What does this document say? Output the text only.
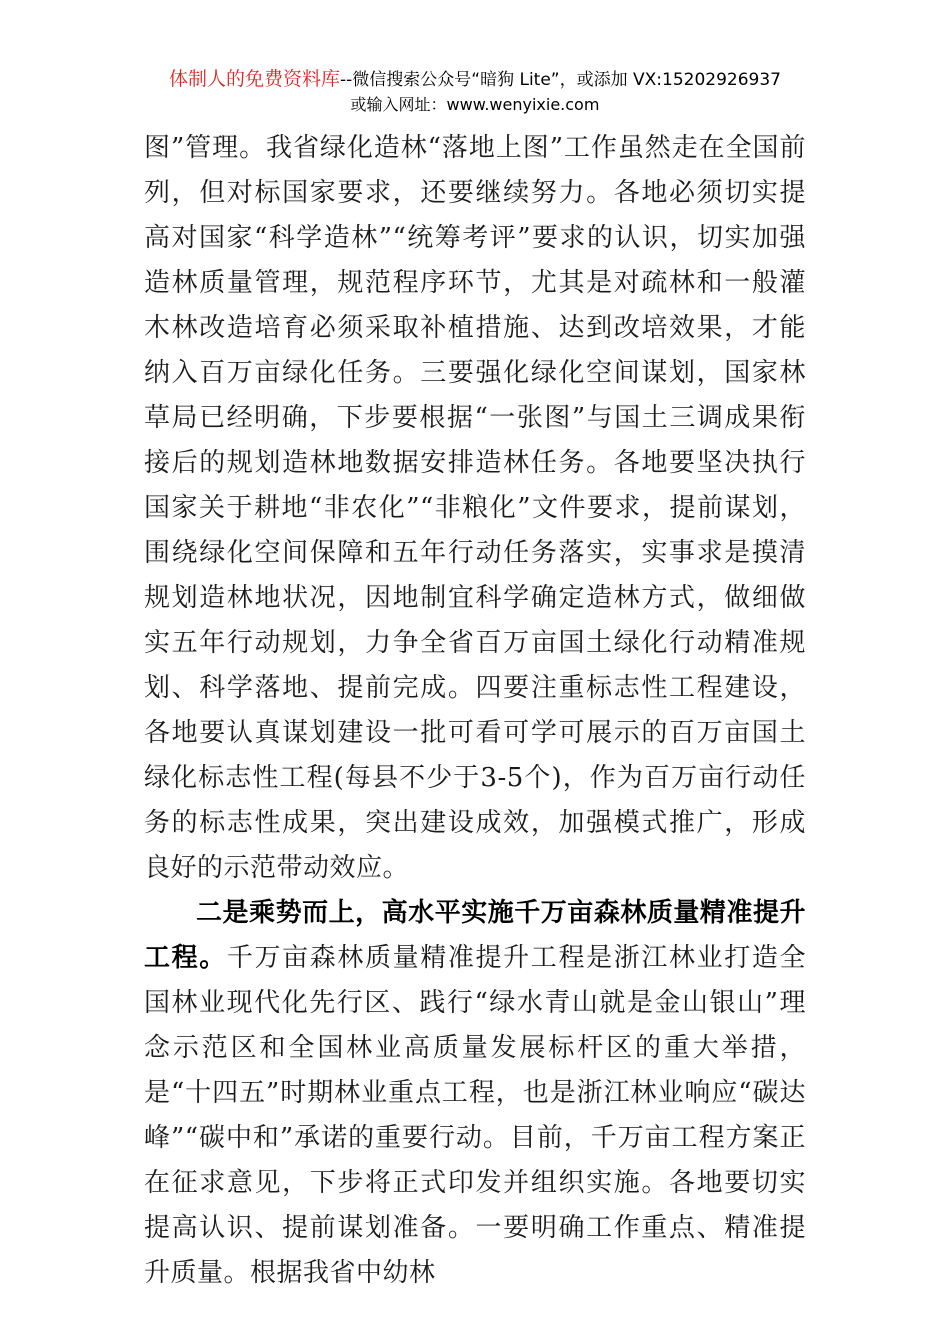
体制人的免费资料库--微信搜索公众号“暗狗 Lite”，或添加 VX:15202926937
或输入网址：www.wenyixie.com

图”管理。我省绿化造林“落地上图”工作虽然走在全国前列，但对标国家要求，还要继续努力。各地必须切实提高对国家“科学造林”“统筹考评”要求的认识，切实加强造林质量管理，规范程序环节，尤其是对疏林和一般灌木林改造培育必须采取补植措施、达到改培效果，才能纳入百万亩绿化任务。三要强化绿化空间谋划，国家林草局已经明确，下步要根据“一张图”与国土三调成果衔接后的规划造林地数据安排造林任务。各地要坚决执行国家关于耕地“非农化”“非粮化”文件要求，提前谋划，围绕绿化空间保障和五年行动任务落实，实事求是摸清规划造林地状况，因地制宜科学确定造林方式，做细做实五年行动规划，力争全省百万亩国土绿化行动精准规划、科学落地、提前完成。四要注重标志性工程建设，各地要认真谋划建设一批可看可学可展示的百万亩国土绿化标志性工程(每县不少于3-5个)，作为百万亩行动任务的标志性成果，突出建设成效，加强模式推广，形成良好的示范带动效应。

二是乘势而上，高水平实施千万亩森林质量精准提升工程。千万亩森林质量精准提升工程是浙江林业打造全国林业现代化先行区、践行“绿水青山就是金山银山”理念示范区和全国林业高质量发展标杆区的重大举措，是“十四五”时期林业重点工程，也是浙江林业响应“碳达峰”“碳中和”承诺的重要行动。目前，千万亩工程方案正在征求意见，下步将正式印发并组织实施。各地要切实提高认识、提前谋划准备。一要明确工作重点、精准提升质量。根据我省中幼林
